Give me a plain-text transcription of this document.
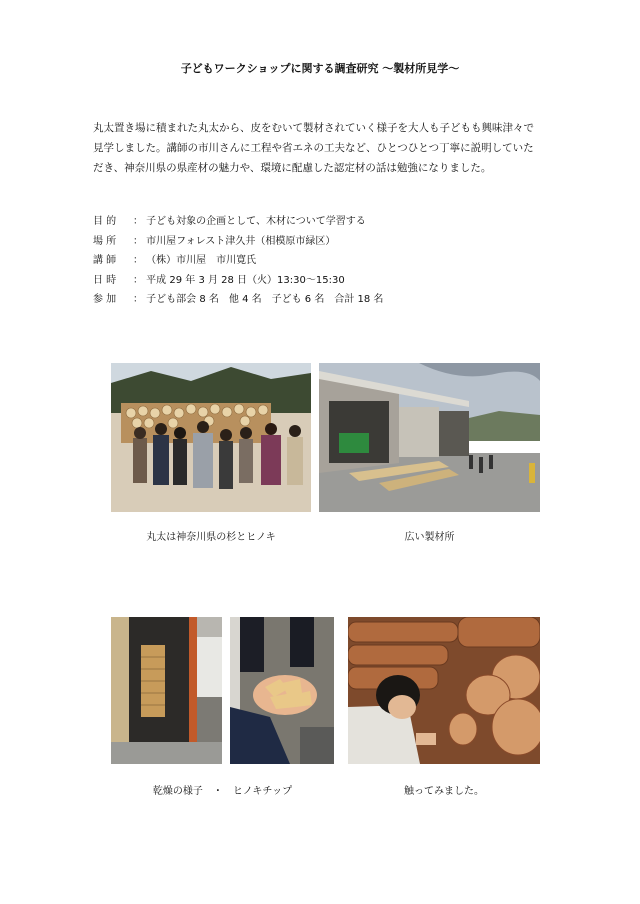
子どもワークショップに関する調査研究 〜製材所見学〜

丸太置き場に積まれた丸太から、皮をむいて製材されていく様子を大人も子どもも興味津々で

見学しました。講師の市川さんに工程や省エネの工夫など、ひとつひとつ丁寧に説明していた

だき、神奈川県の県産材の魅力や、環境に配慮した認定材の話は勉強になりました。

目 的	： 子ども対象の企画として、木材について学習する
場 所	： 市川屋フォレスト津久井（相模原市緑区）
講 師	： （株）市川屋　市川寛氏
日 時	： 平成 29 年 3 月 28 日（火）13:30〜15:30
参 加	： 子ども部会 8 名　他 4 名　子ども 6 名　合計 18 名
丸太は神奈川県の杉とヒノキ	広い製材所
乾燥の様子　・　ヒノキチップ	触ってみました。
